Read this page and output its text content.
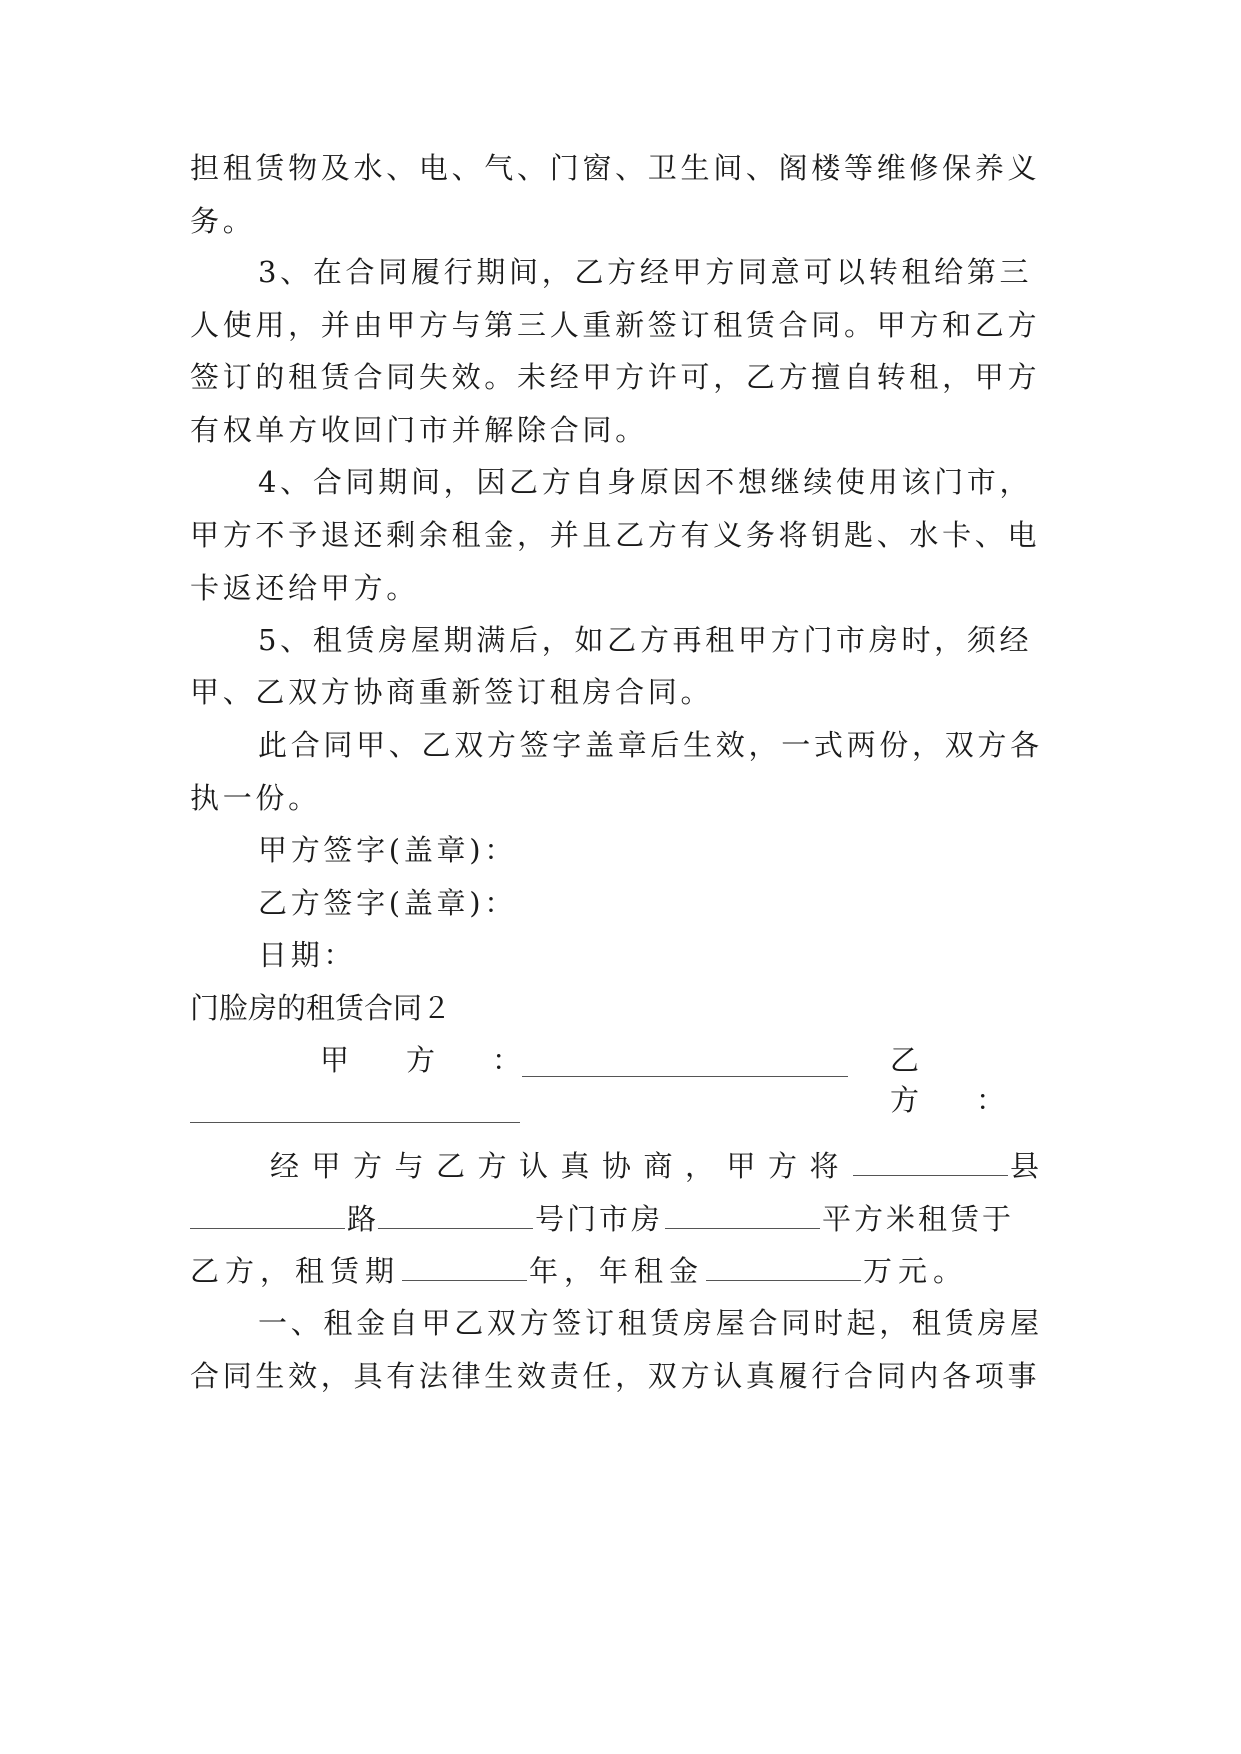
担租赁物及水、电、气、门窗、卫生间、阁楼等维修保养义
务。
3、在合同履行期间，乙方经甲方同意可以转租给第三
人使用，并由甲方与第三人重新签订租赁合同。甲方和乙方
签订的租赁合同失效。未经甲方许可，乙方擅自转租，甲方
有权单方收回门市并解除合同。
4、合同期间，因乙方自身原因不想继续使用该门市，
甲方不予退还剩余租金，并且乙方有义务将钥匙、水卡、电
卡返还给甲方。
5、租赁房屋期满后，如乙方再租甲方门市房时，须经
甲、乙双方协商重新签订租房合同。
此合同甲、乙双方签字盖章后生效，一式两份，双方各
执一份。
甲方签字(盖章)：
乙方签字(盖章)：
日期：
门脸房的租赁合同２
甲　方　：	乙　方　：
经甲方与乙方认真协商，甲方将	县
路	号门市房	平方米租赁于
乙方，租赁期	年，年租金	万元。
一、租金自甲乙双方签订租赁房屋合同时起，租赁房屋
合同生效，具有法律生效责任，双方认真履行合同内各项事
